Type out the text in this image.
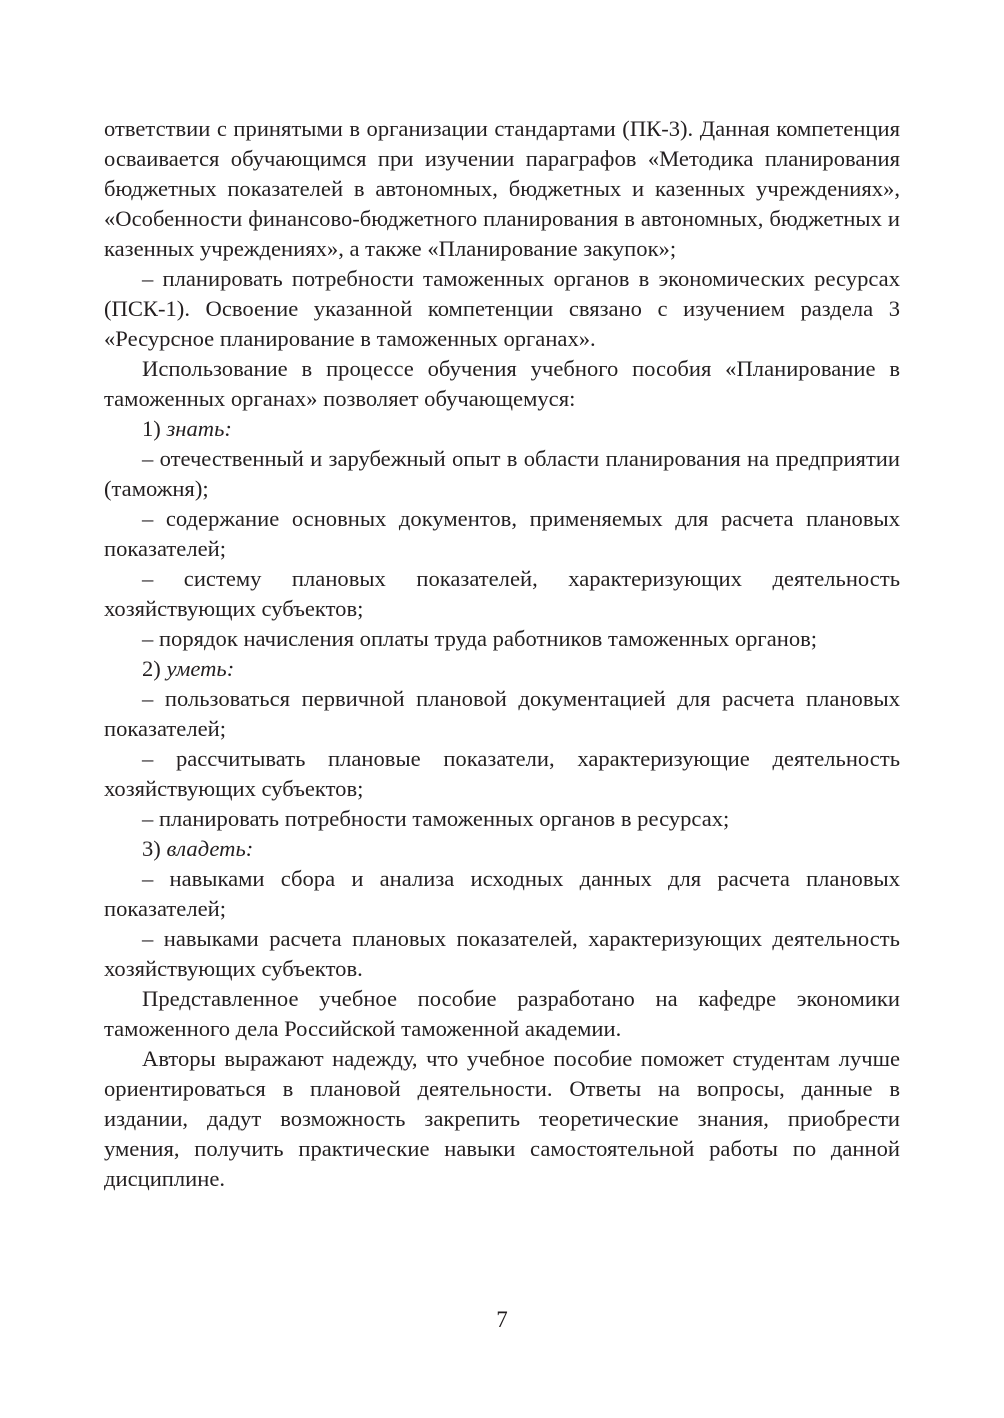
ответствии с принятыми в организации стандартами (ПК-3). Данная компетенция осваивается обучающимся при изучении параграфов «Методика планирования бюджетных показателей в автономных, бюджетных и казенных учреждениях», «Особенности финансово-бюджетного планирования в автономных, бюджетных и казенных учреждениях», а также «Планирование закупок»;

– планировать потребности таможенных органов в экономических ресурсах (ПСК-1). Освоение указанной компетенции связано с изучением раздела 3 «Ресурсное планирование в таможенных органах».

Использование в процессе обучения учебного пособия «Планирование в таможенных органах» позволяет обучающемуся:

1) знать:

– отечественный и зарубежный опыт в области планирования на предприятии (таможня);

– содержание основных документов, применяемых для расчета плановых показателей;

– систему плановых показателей, характеризующих деятельность хозяйствующих субъектов;

– порядок начисления оплаты труда работников таможенных органов;

2) уметь:

– пользоваться первичной плановой документацией для расчета плановых показателей;

– рассчитывать плановые показатели, характеризующие деятельность хозяйствующих субъектов;

– планировать потребности таможенных органов в ресурсах;

3) владеть:

– навыками сбора и анализа исходных данных для расчета плановых показателей;

– навыками расчета плановых показателей, характеризующих деятельность хозяйствующих субъектов.

Представленное учебное пособие разработано на кафедре экономики таможенного дела Российской таможенной академии.

Авторы выражают надежду, что учебное пособие поможет студентам лучше ориентироваться в плановой деятельности. Ответы на вопросы, данные в издании, дадут возможность закрепить теоретические знания, приобрести умения, получить практические навыки самостоятельной работы по данной дисциплине.

7
